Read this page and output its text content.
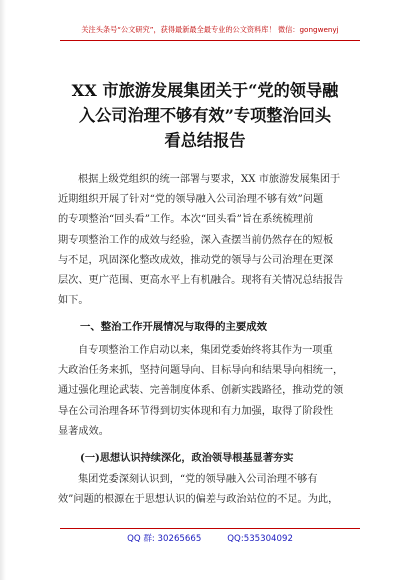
关注头条号“公文研究”，获得最新最全最专业的公文资料库！ 微信：gongwenyj
XX 市旅游发展集团关于“党的领导融
入公司治理不够有效”专项整治回头
看总结报告
根据上级党组织的统一部署与要求，XX 市旅游发展集团于
近期组织开展了针对“党的领导融入公司治理不够有效”问题
的专项整治“回头看”工作。本次“回头看”旨在系统梳理前
期专项整治工作的成效与经验，深入查摆当前仍然存在的短板
与不足，巩固深化整改成效，推动党的领导与公司治理在更深
层次、更广范围、更高水平上有机融合。现将有关情况总结报告
如下。
一、整治工作开展情况与取得的主要成效
自专项整治工作启动以来，集团党委始终将其作为一项重
大政治任务来抓，坚持问题导向、目标导向和结果导向相统一，
通过强化理论武装、完善制度体系、创新实践路径，推动党的领
导在公司治理各环节得到切实体现和有力加强，取得了阶段性
显著成效。
(一)思想认识持续深化，政治领导根基显著夯实
集团党委深刻认识到，“党的领导融入公司治理不够有
效”问题的根源在于思想认识的偏差与政治站位的不足。为此，
QQ 群: 30265665	QQ:535304092
